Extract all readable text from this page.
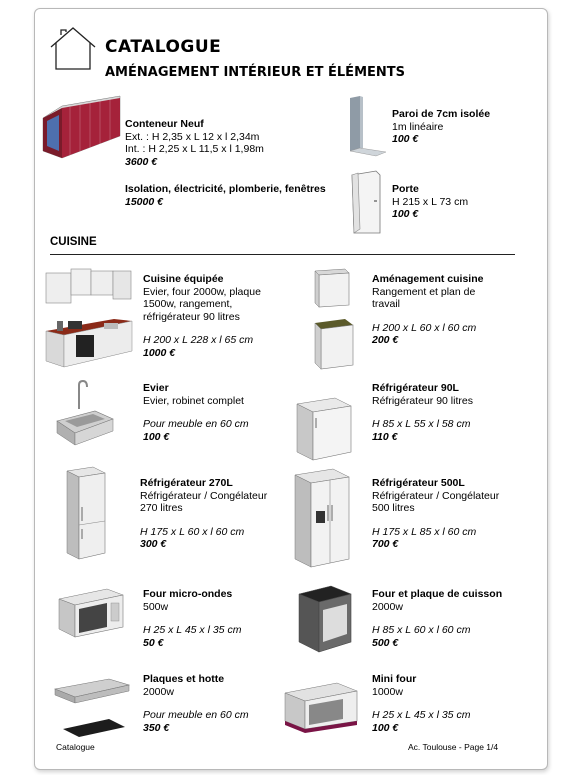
CATALOGUE
AMÉNAGEMENT INTÉRIEUR ET ÉLÉMENTS
Conteneur Neuf
Ext. : H 2,35 x L 12 x l 2,34m
Int. : H 2,25 x L 11,5 x l 1,98m
3600 €
Isolation, électricité, plomberie, fenêtres
15000 €
Paroi de 7cm isolée
1m linéaire
100 €
Porte
H 215 x L 73 cm
100 €
CUISINE
Cuisine équipée
Evier, four 2000w, plaque
1500w, rangement,
réfrigérateur 90 litres
H 200 x L 228 x l 65 cm
1000 €
Aménagement cuisine
Rangement et plan de
travail
H 200 x L 60 x l 60 cm
200 €
Evier
Evier, robinet complet
Pour meuble en 60 cm
100 €
Réfrigérateur 90L
Réfrigérateur 90 litres
H 85 x L 55 x l 58 cm
110 €
Réfrigérateur 270L
Réfrigérateur / Congélateur
270 litres
H 175 x L 60 x l 60 cm
300 €
Réfrigérateur 500L
Réfrigérateur / Congélateur
500 litres
H 175 x L 85 x l 60 cm
700 €
Four micro-ondes
500w
H 25 x L 45 x l 35 cm
50 €
Four et plaque de cuisson
2000w
H 85 x L 60 x l 60 cm
500 €
Plaques et hotte
2000w
Pour meuble en 60 cm
350 €
Mini four
1000w
H 25 x L 45 x l 35 cm
100 €
Catalogue	Ac. Toulouse - Page 1/4
